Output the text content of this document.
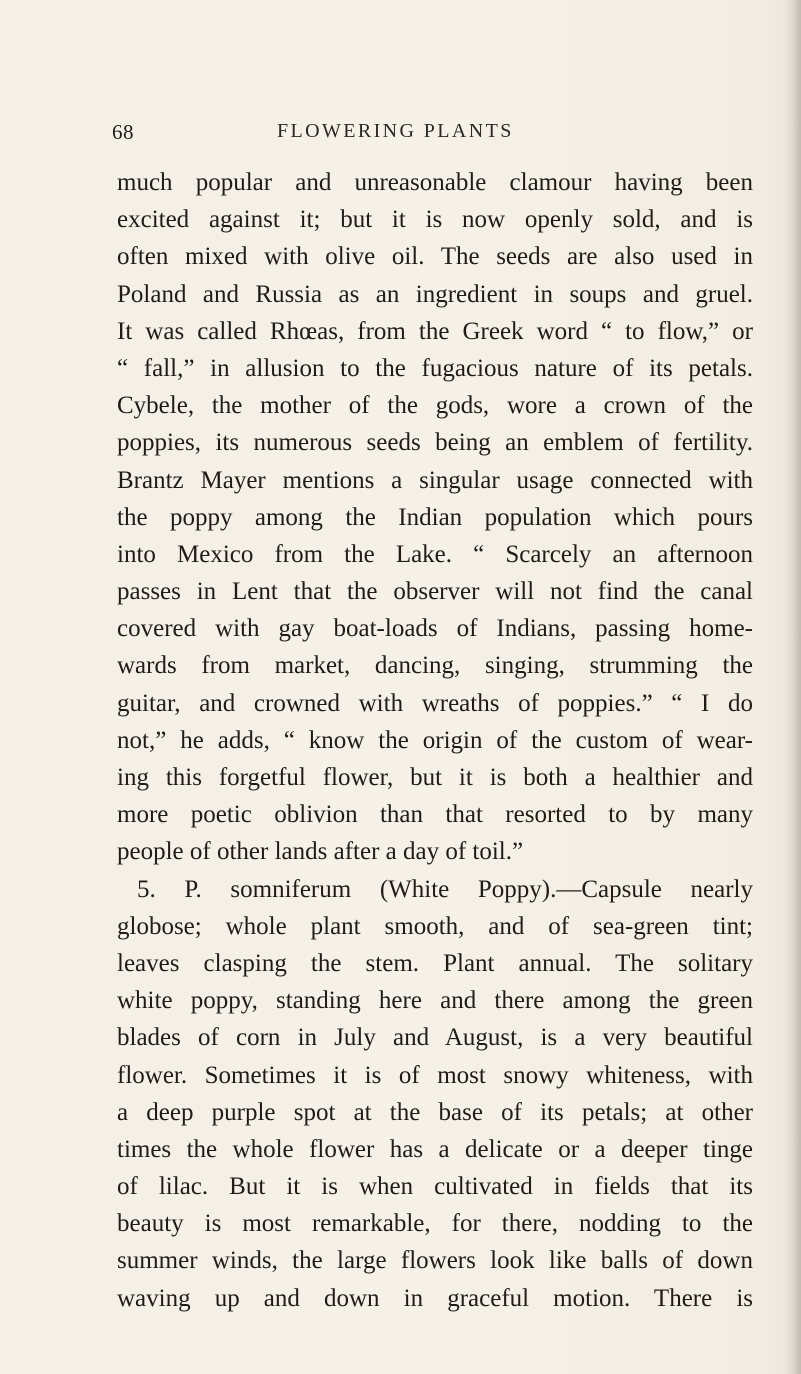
68	FLOWERING PLANTS
much popular and unreasonable clamour having been
excited against it; but it is now openly sold, and is
often mixed with olive oil. The seeds are also used in
Poland and Russia as an ingredient in soups and gruel.
It was called Rhœas, from the Greek word “ to flow,” or
“ fall,” in allusion to the fugacious nature of its petals.
Cybele, the mother of the gods, wore a crown of the
poppies, its numerous seeds being an emblem of fertility.
Brantz Mayer mentions a singular usage connected with
the poppy among the Indian population which pours
into Mexico from the Lake. “ Scarcely an afternoon
passes in Lent that the observer will not find the canal
covered with gay boat-loads of Indians, passing home-
wards from market, dancing, singing, strumming the
guitar, and crowned with wreaths of poppies.” “ I do
not,” he adds, “ know the origin of the custom of wear-
ing this forgetful flower, but it is both a healthier and
more poetic oblivion than that resorted to by many
people of other lands after a day of toil.”
5. P. somniferum (White Poppy).—Capsule nearly
globose; whole plant smooth, and of sea-green tint;
leaves clasping the stem. Plant annual. The solitary
white poppy, standing here and there among the green
blades of corn in July and August, is a very beautiful
flower. Sometimes it is of most snowy whiteness, with
a deep purple spot at the base of its petals; at other
times the whole flower has a delicate or a deeper tinge
of lilac. But it is when cultivated in fields that its
beauty is most remarkable, for there, nodding to the
summer winds, the large flowers look like balls of down
waving up and down in graceful motion. There is
